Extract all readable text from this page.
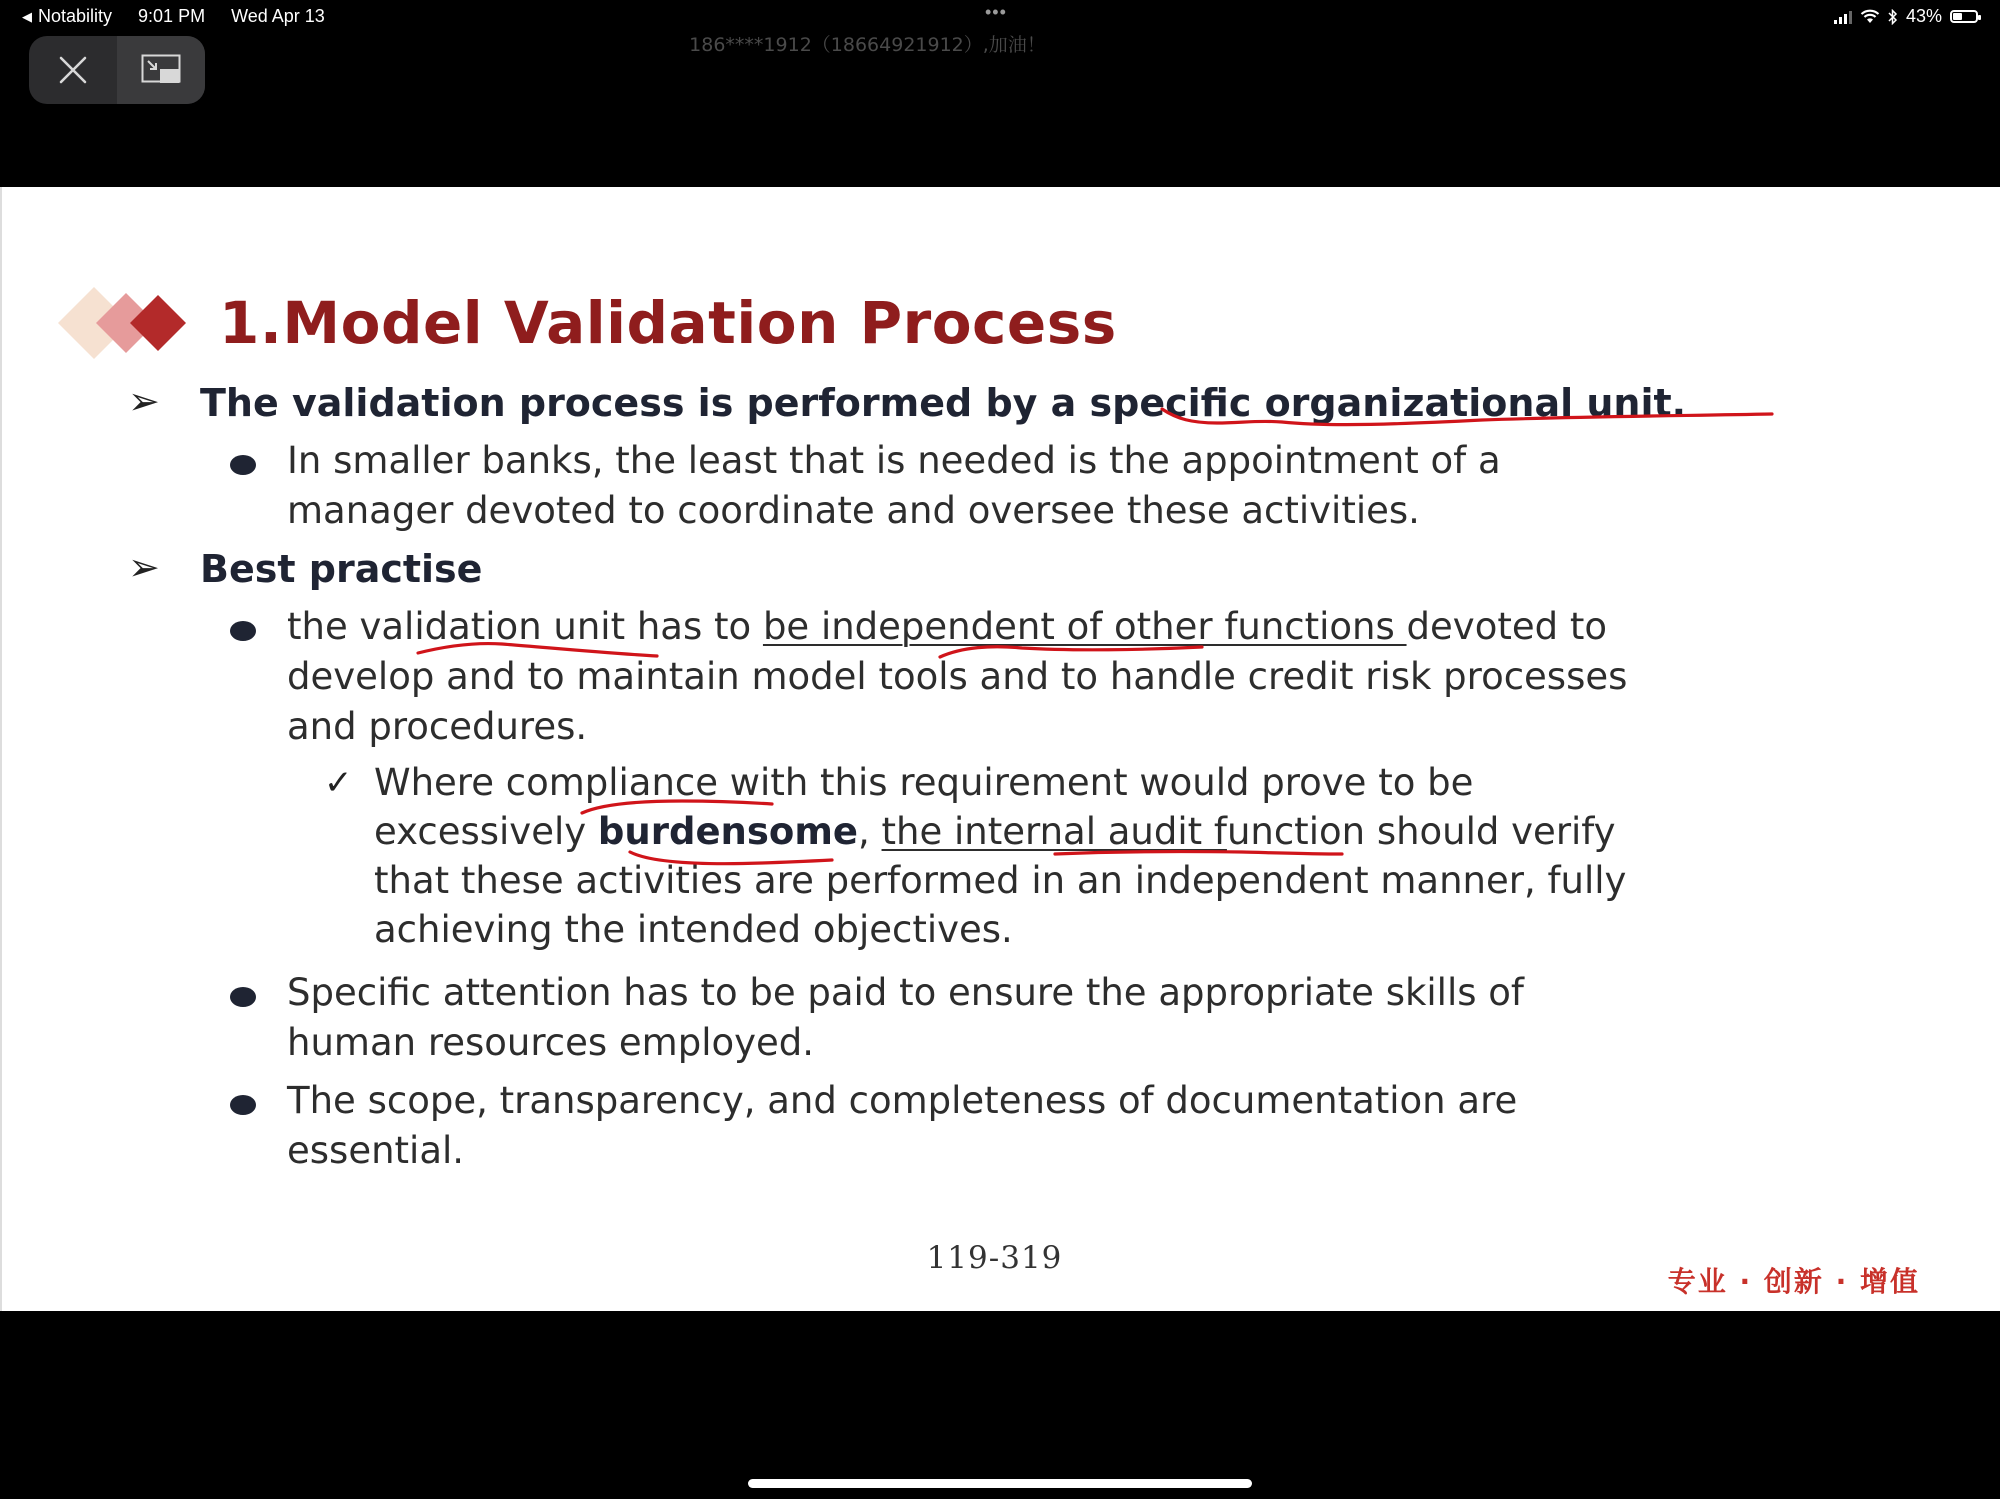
◀ Notability 9:01 PM Wed Apr 13	•••	43%
186****1912（18664921912）,加油！
1.Model Validation Process
➢ The validation process is performed by a specific organizational unit.
In smaller banks, the least that is needed is the appointment of a
manager devoted to coordinate and oversee these activities.
➢ Best practise
the validation unit has to be independent of other functions devoted to
develop and to maintain model tools and to handle credit risk processes
and procedures.
✓ Where compliance with this requirement would prove to be
excessively burdensome, the internal audit function should verify
that these activities are performed in an independent manner, fully
achieving the intended objectives.
Specific attention has to be paid to ensure the appropriate skills of
human resources employed.
The scope, transparency, and completeness of documentation are
essential.
119-319
专业 · 创新 · 增值
